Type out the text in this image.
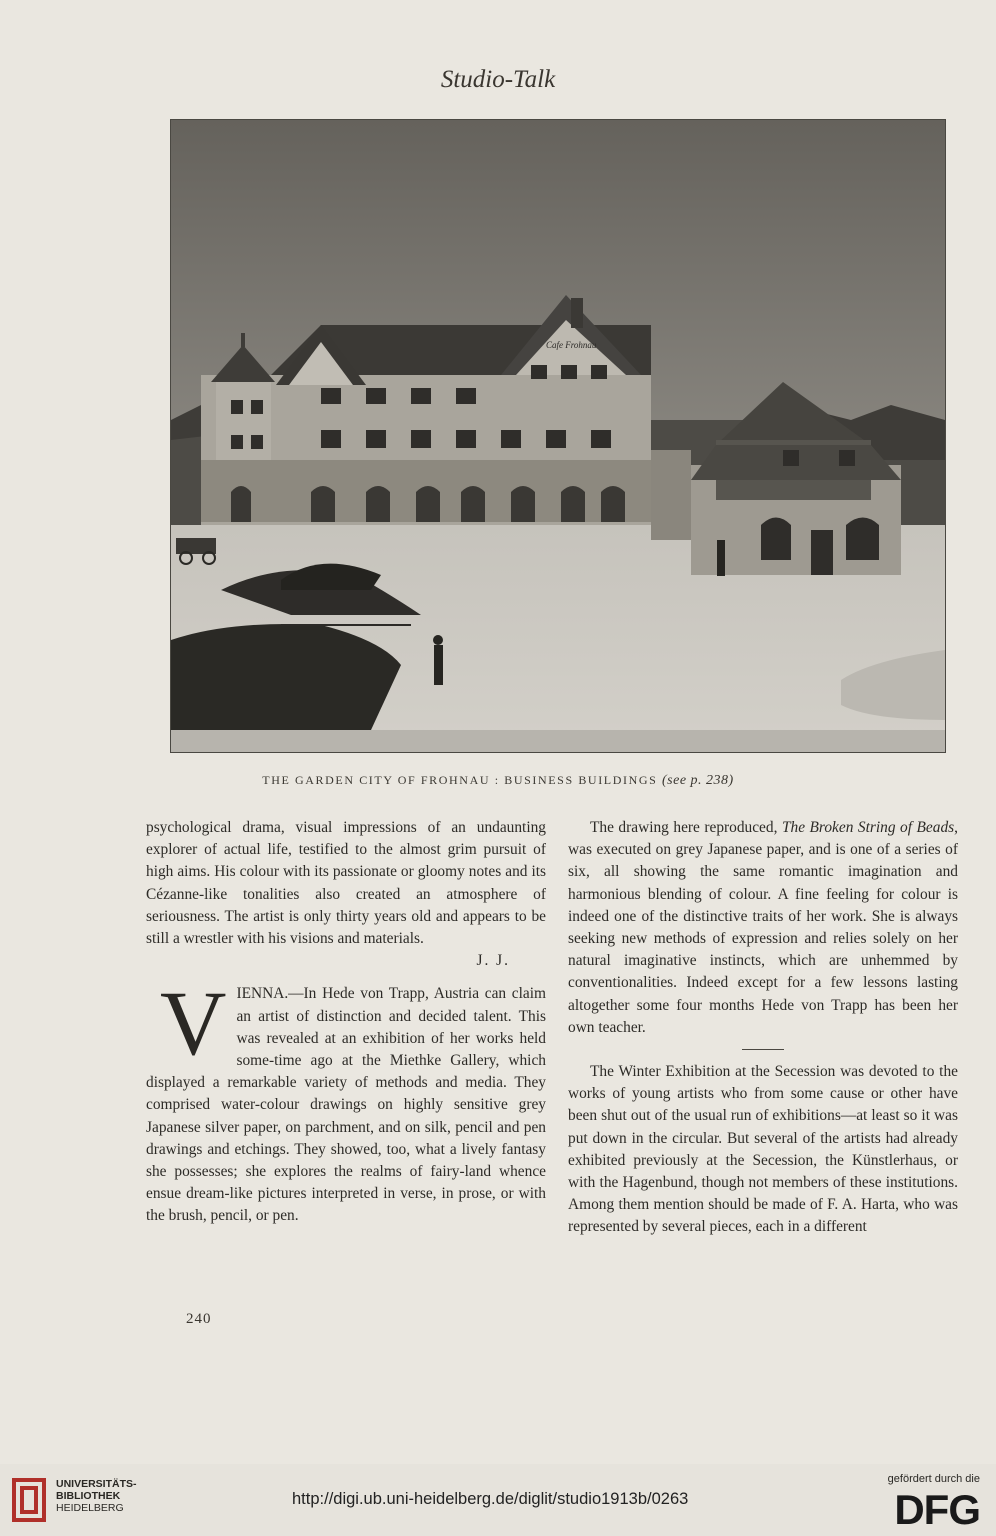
Studio-Talk
Cafe Frohnau
THE GARDEN CITY OF FROHNAU : BUSINESS BUILDINGS (see p. 238)

psychological drama, visual impressions of an undaunting explorer of actual life, testified to the almost grim pursuit of high aims. His colour with its passionate or gloomy notes and its Cézanne-like tonalities also created an atmosphere of seriousness. The artist is only thirty years old and appears to be still a wrestler with his visions and materials.

J. J.

VIENNA.—In Hede von Trapp, Austria can claim an artist of distinction and decided talent. This was revealed at an exhibition of her works held some-time ago at the Miethke Gallery, which displayed a remarkable variety of methods and media. They comprised water-colour drawings on highly sensitive grey Japanese silver paper, on parchment, and on silk, pencil and pen drawings and etchings. They showed, too, what a lively fantasy she possesses; she explores the realms of fairy-land whence ensue dream-like pictures interpreted in verse, in prose, or with the brush, pencil, or pen.

The drawing here reproduced, The Broken String of Beads, was executed on grey Japanese paper, and is one of a series of six, all showing the same romantic imagination and harmonious blending of colour. A fine feeling for colour is indeed one of the distinctive traits of her work. She is always seeking new methods of expression and relies solely on her natural imaginative instincts, which are unhemmed by conventionalities. Indeed except for a few lessons lasting altogether some four months Hede von Trapp has been her own teacher.

The Winter Exhibition at the Secession was devoted to the works of young artists who from some cause or other have been shut out of the usual run of exhibitions—at least so it was put down in the circular. But several of the artists had already exhibited previously at the Secession, the Künstlerhaus, or with the Hagenbund, though not members of these institutions. Among them mention should be made of F. A. Harta, who was represented by several pieces, each in a different

240
UNIVERSITÄTS-
BIBLIOTHEK
HEIDELBERG	http://digi.ub.uni-heidelberg.de/diglit/studio1913b/0263
gefördert durch die
DFG
